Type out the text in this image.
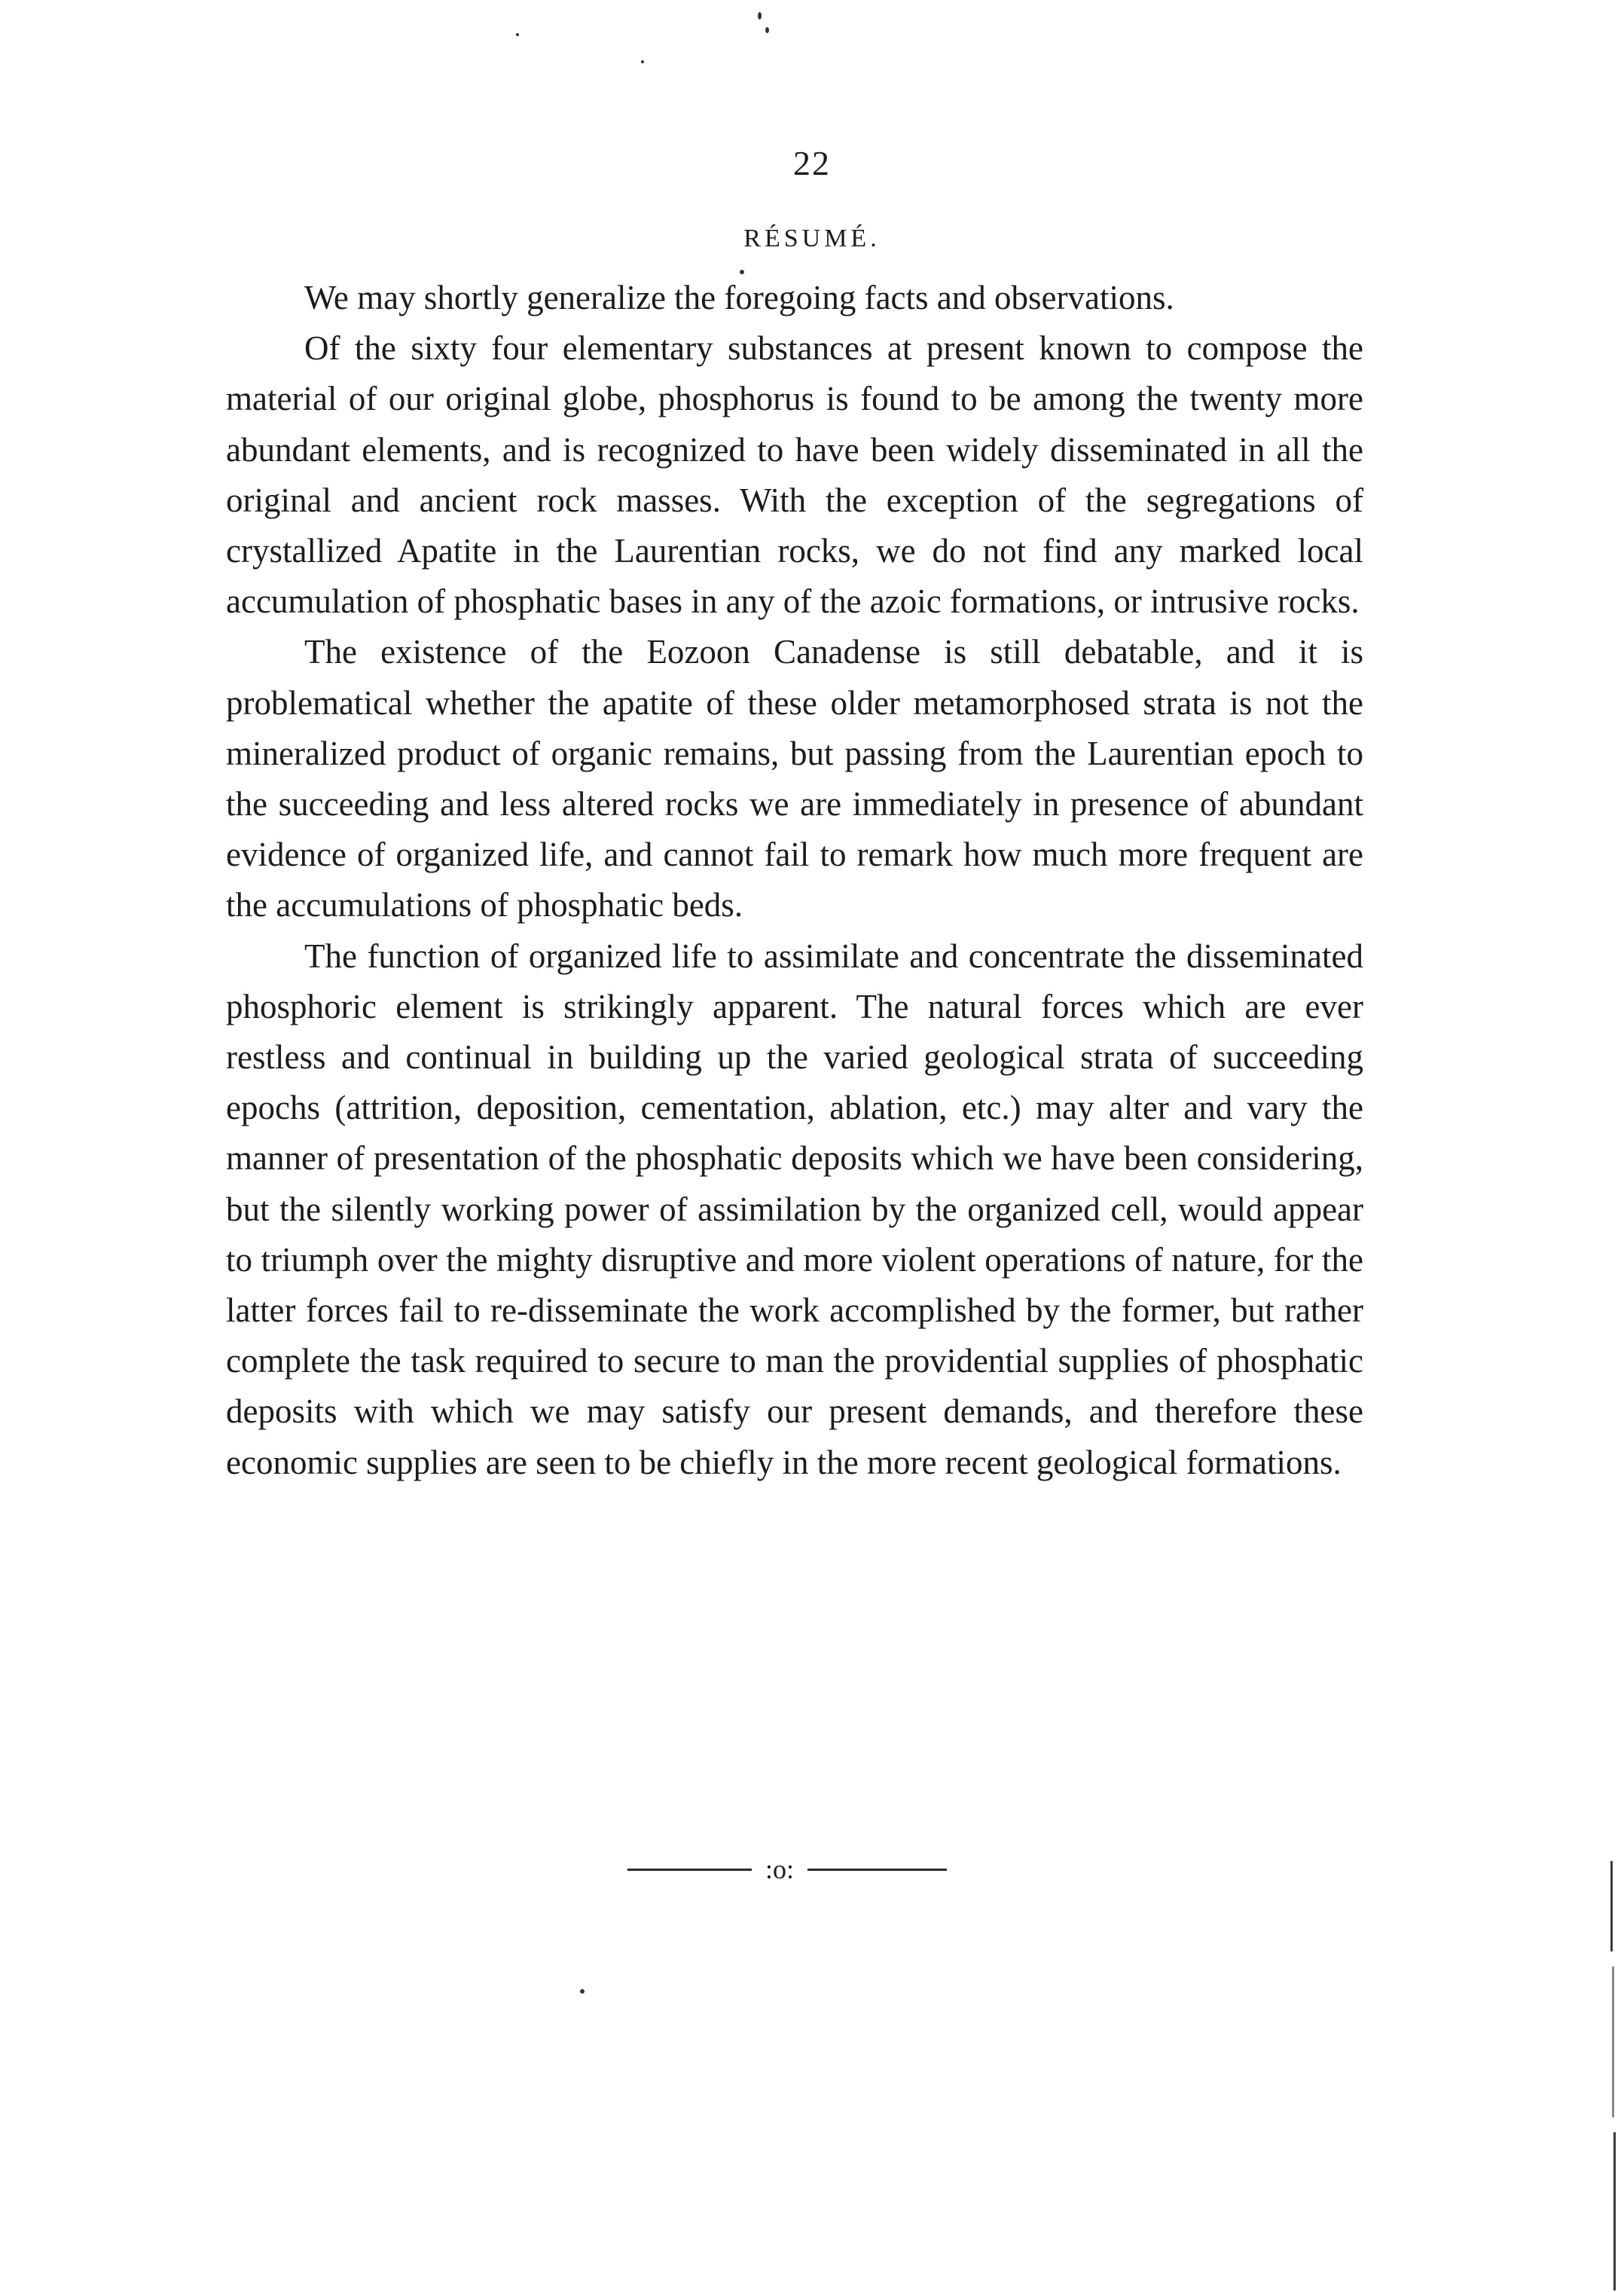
22
RÉSUMÉ.

We may shortly generalize the foregoing facts and observations.

Of the sixty four elementary substances at present known to compose the material of our original globe, phosphorus is found to be among the twenty more abundant elements, and is recognized to have been widely disseminated in all the original and ancient rock masses. With the exception of the segregations of crystallized Apatite in the Laurentian rocks, we do not find any marked local accumulation of phosphatic bases in any of the azoic formations, or intrusive rocks.

The existence of the Eozoon Canadense is still debatable, and it is problematical whether the apatite of these older metamorphosed strata is not the mineralized product of organic remains, but passing from the Laurentian epoch to the succeeding and less altered rocks we are immediately in presence of abundant evidence of organized life, and cannot fail to remark how much more frequent are the accumulations of phosphatic beds.

The function of organized life to assimilate and concentrate the disseminated phosphoric element is strikingly apparent. The natural forces which are ever restless and continual in building up the varied geological strata of succeeding epochs (attrition, deposition, cementation, ablation, etc.) may alter and vary the manner of presentation of the phosphatic deposits which we have been considering, but the silently working power of assimilation by the organized cell, would appear to triumph over the mighty disruptive and more violent operations of nature, for the latter forces fail to re-disseminate the work accomplished by the former, but rather complete the task required to secure to man the providential supplies of phosphatic deposits with which we may satisfy our present demands, and therefore these economic supplies are seen to be chiefly in the more recent geological formations.

:o:
